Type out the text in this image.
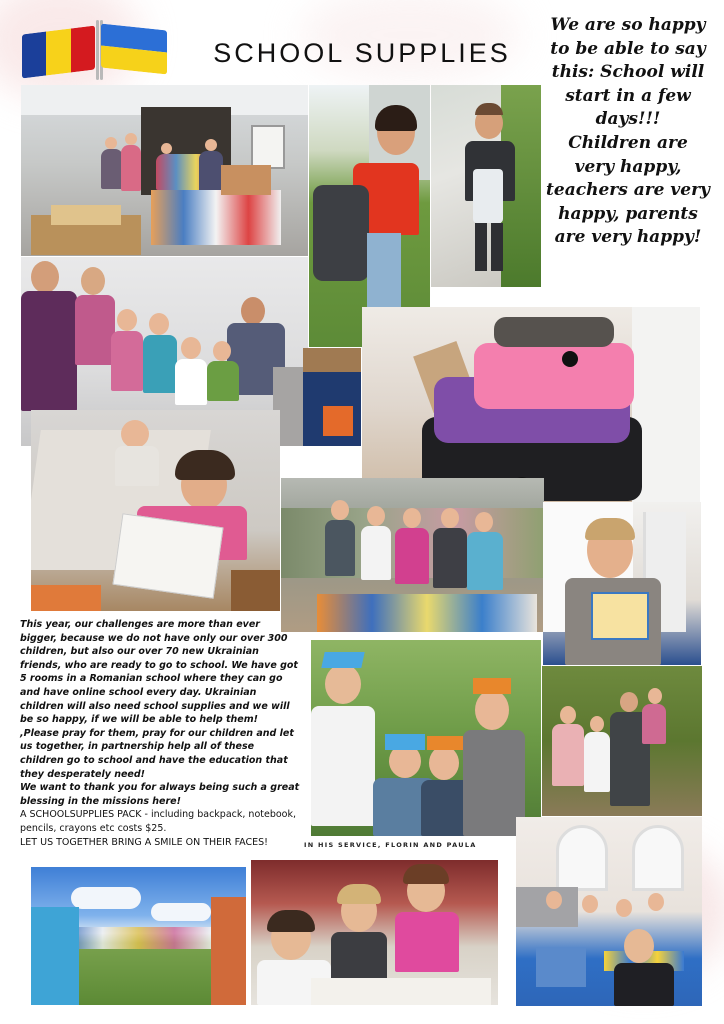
SCHOOL SUPPLIES
We are so happy
to be able to say
this: School will
start in a few
days!!!
Children are
very happy,
teachers are very
happy, parents
are very happy!

This year, our challenges are more than ever bigger, because we do not have only our over 300 children, but also our over 70 new Ukrainian friends, who are ready to go to school. We have got 5 rooms in a Romanian school where they can go and have online school every day. Ukrainian children will also need school supplies and we will be so happy, if we will be able to help them!

,Please pray for them, pray for our children and let us together, in partnership help all of these children go to school and have the education that they desperately need!

We want to thank you for always being such a great blessing in the missions here!

A SCHOOLSUPPLIES PACK - including backpack, notebook, pencils, crayons etc costs $25.

LET US TOGETHER BRING A SMILE ON THEIR FACES!	IN HIS SERVICE, FLORIN AND PAULA
